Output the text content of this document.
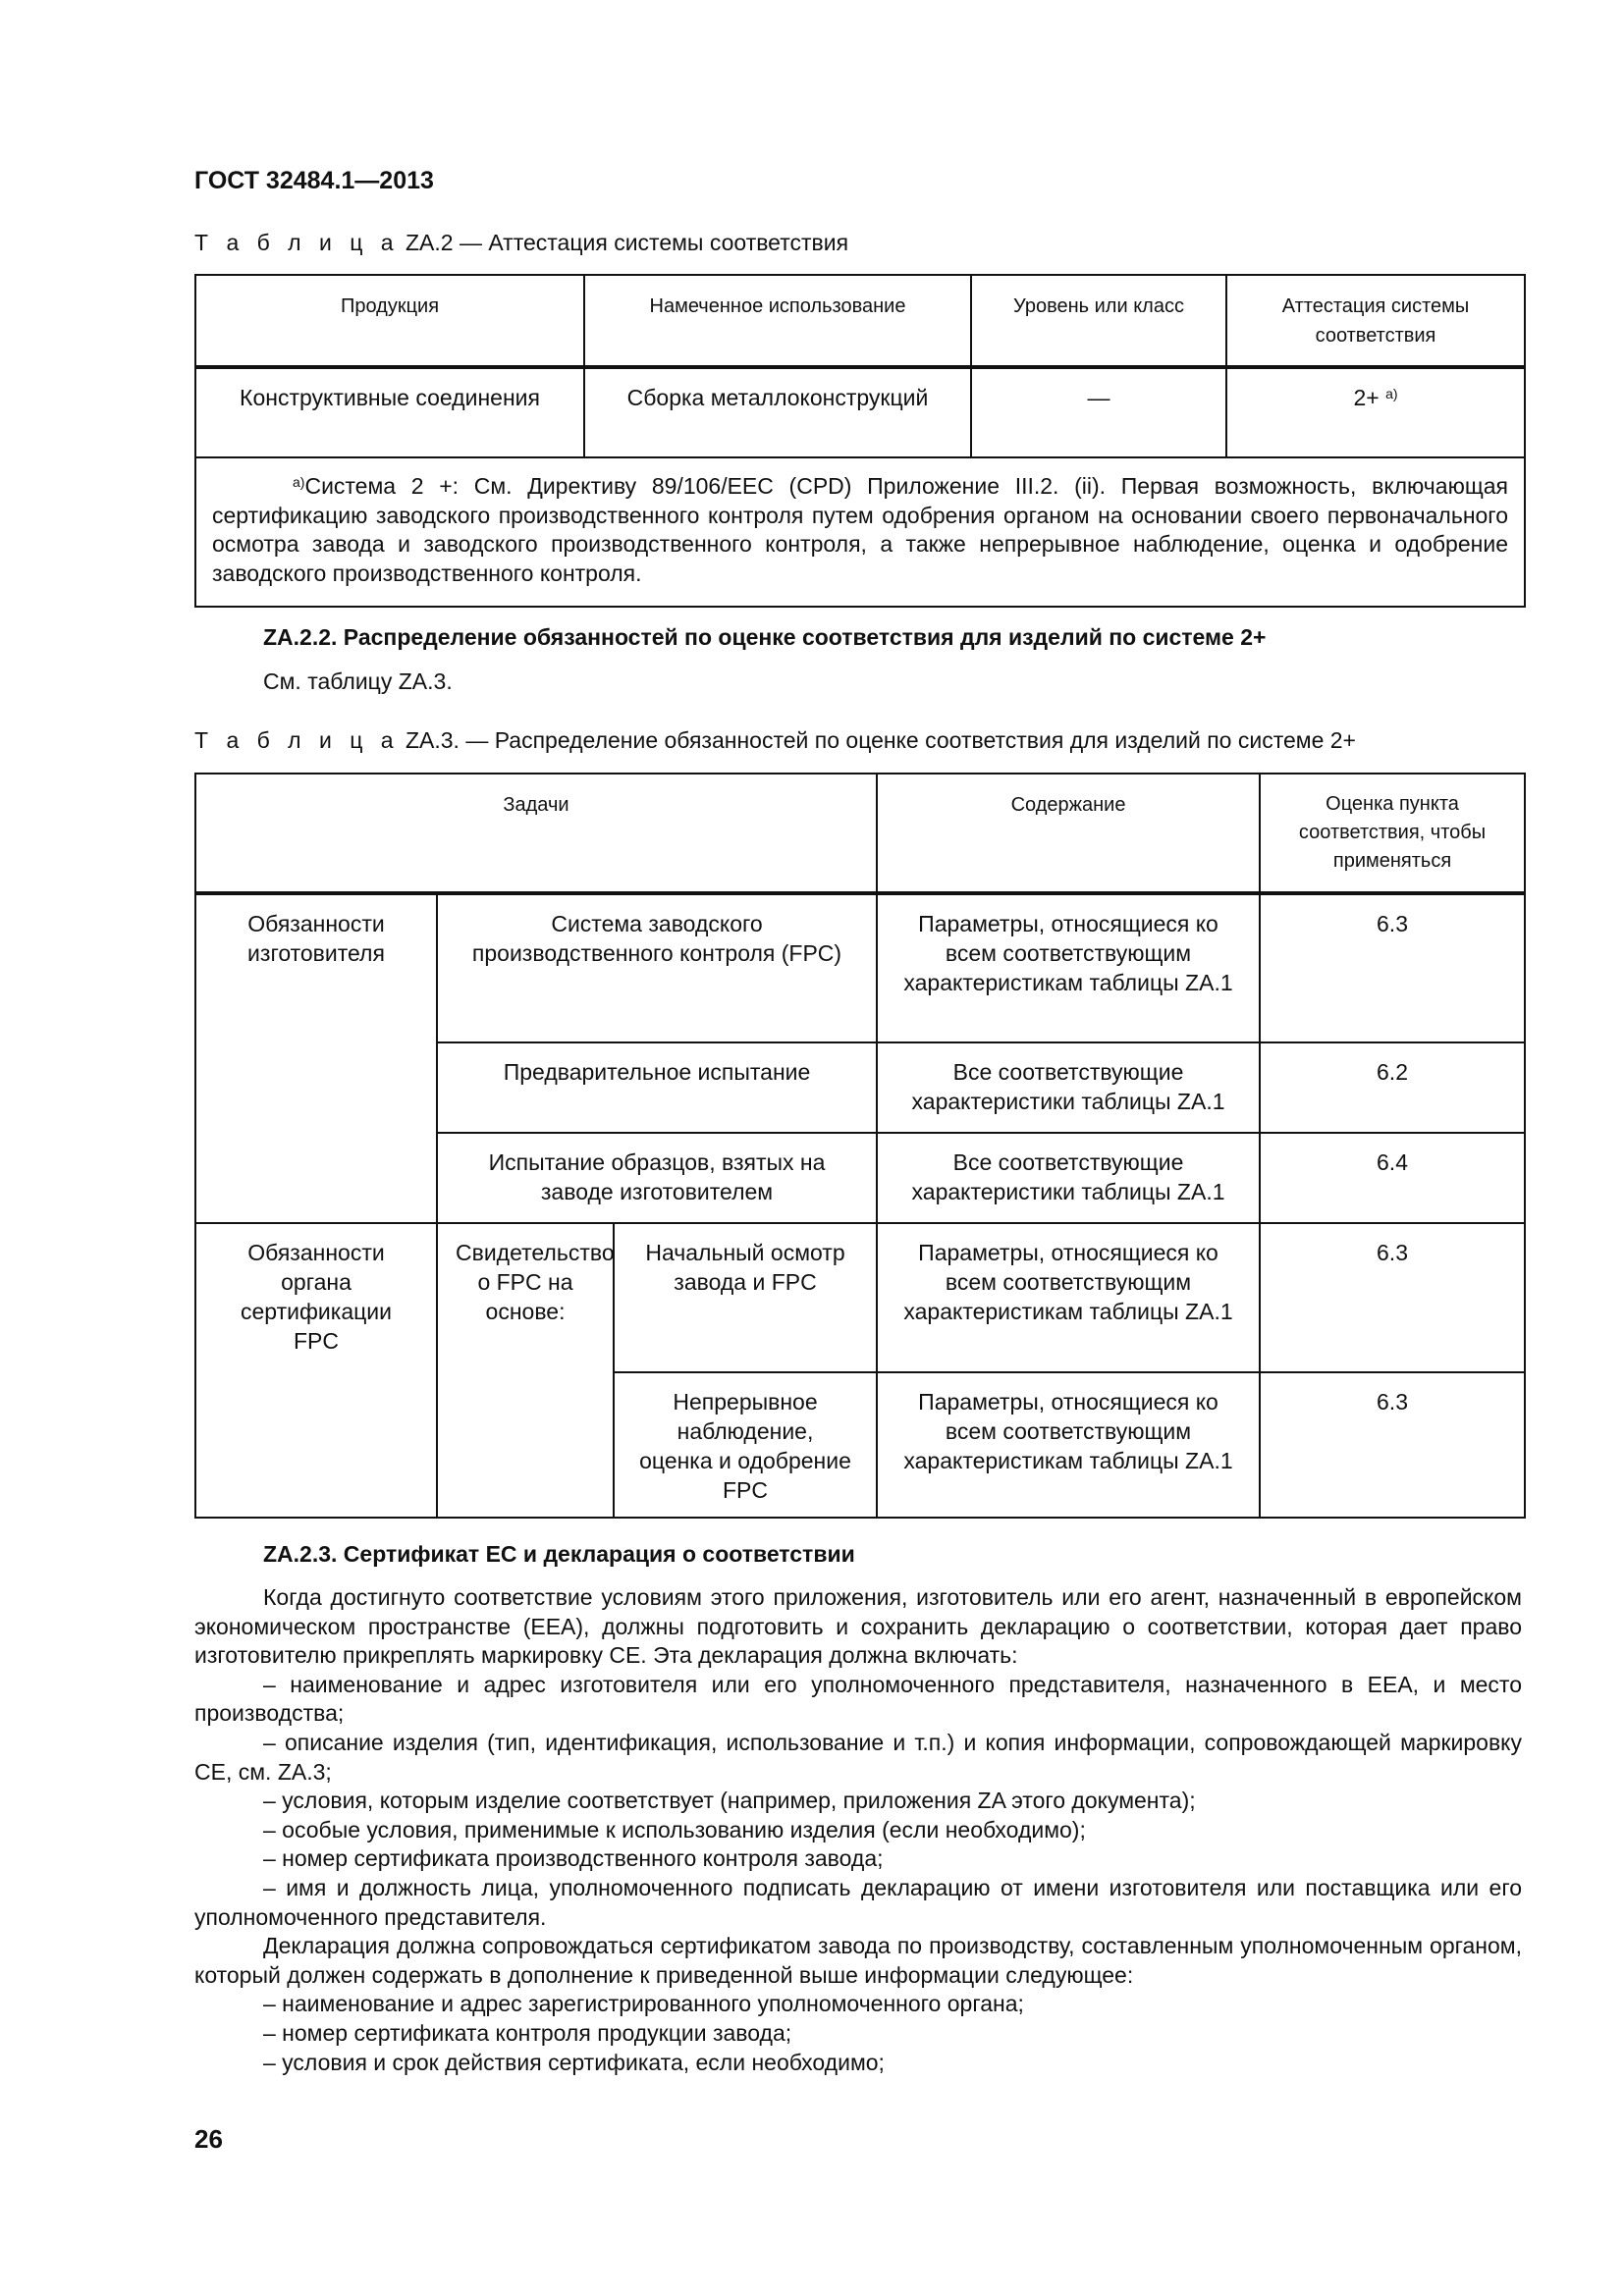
ГОСТ 32484.1—2013
Т а б л и ц а ZA.2 — Аттестация системы соответствия
Продукция	Намеченное использование	Уровень или класс	Аттестация системы соответствия
Конструктивные соединения	Сборка металлоконструкций	—	2+ $^{а)}$

$^{а)}$Система 2 +: См. Директиву 89/106/EEC (CPD) Приложение III.2. (ii). Первая возможность, включающая сертификацию заводского производственного контроля путем одобрения органом на основании своего первоначального осмотра завода и заводского производственного контроля, а также непрерывное наблюдение, оценка и одобрение заводского производственного контроля.			
ZA.2.2. Распределение обязанностей по оценке соответствия для изделий по системе 2+
См. таблицу ZA.3.
Т а б л и ц а ZA.3. — Распределение обязанностей по оценке соответствия для изделий по системе 2+
Задачи			Содержание	Оценка пункта соответствия, чтобы применяться
Обязанности изготовителя	Система заводского производственного контроля (FPC)		Параметры, относящиеся ко всем соответствующим характеристикам таблицы ZA.1	6.3
	Предварительное испытание		Все соответствующие характеристики таблицы ZA.1	6.2
	Испытание образцов, взятых на заводе изготовителем		Все соответствующие характеристики таблицы ZA.1	6.4
Обязанности органа сертификации FPC	Свидетельство о FPC на основе:	Начальный осмотр завода и FPC	Параметры, относящиеся ко всем соответствующим характеристикам таблицы ZA.1	6.3
		Непрерывное наблюдение, оценка и одобрение FPC	Параметры, относящиеся ко всем соответствующим характеристикам таблицы ZA.1	6.3
ZA.2.3. Сертификат EC и декларация о соответствии

Когда достигнуто соответствие условиям этого приложения, изготовитель или его агент, назначенный в европейском экономическом пространстве (EEA), должны подготовить и сохранить декларацию о соответствии, которая дает право изготовителю прикреплять маркировку CE. Эта декларация должна включать:

– наименование и адрес изготовителя или его уполномоченного представителя, назначенного в EEA, и место производства;

– описание изделия (тип, идентификация, использование и т.п.) и копия информации, сопровождающей маркировку CE, см. ZA.3;

– условия, которым изделие соответствует (например, приложения ZA этого документа);

– особые условия, применимые к использованию изделия (если необходимо);

– номер сертификата производственного контроля завода;

– имя и должность лица, уполномоченного подписать декларацию от имени изготовителя или поставщика или его уполномоченного представителя.

Декларация должна сопровождаться сертификатом завода по производству, составленным уполномоченным органом, который должен содержать в дополнение к приведенной выше информации следующее:

– наименование и адрес зарегистрированного уполномоченного органа;

– номер сертификата контроля продукции завода;

– условия и срок действия сертификата, если необходимо;

26
